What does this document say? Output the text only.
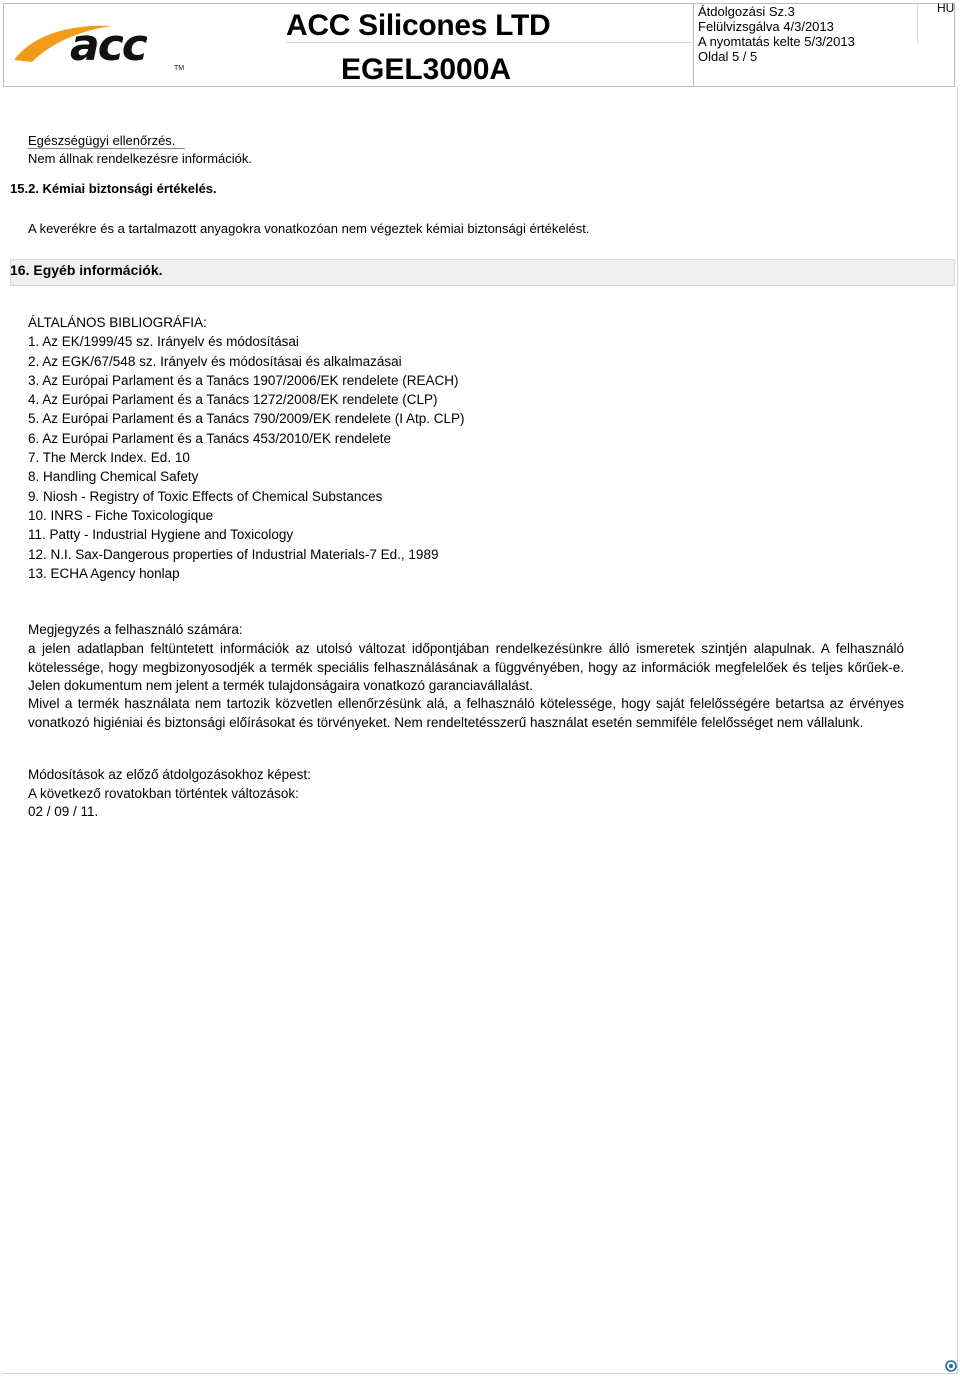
acc	TM
ACC Silicones LTD
EGEL3000A
Átdolgozási Sz.3
Felülvizsgálva 4/3/2013
A nyomtatás kelte 5/3/2013
Oldal 5 / 5
HU
Egészségügyi ellenőrzés.
Nem állnak rendelkezésre információk.
15.2. Kémiai biztonsági értékelés.
A keverékre és a tartalmazott anyagokra vonatkozóan nem végeztek kémiai biztonsági értékelést.
16. Egyéb információk.
ÁLTALÁNOS BIBLIOGRÁFIA:
1. Az EK/1999/45 sz. Irányelv és módosításai
2. Az EGK/67/548 sz. Irányelv és módosításai és alkalmazásai
3. Az Európai Parlament és a Tanács 1907/2006/EK rendelete (REACH)
4. Az Európai Parlament és a Tanács 1272/2008/EK rendelete (CLP)
5. Az Európai Parlament és a Tanács 790/2009/EK rendelete (I Atp. CLP)
6. Az Európai Parlament és a Tanács 453/2010/EK rendelete
7. The Merck Index. Ed. 10
8. Handling Chemical Safety
9. Niosh - Registry of Toxic Effects of Chemical Substances
10. INRS - Fiche Toxicologique
11. Patty - Industrial Hygiene and Toxicology
12. N.I. Sax-Dangerous properties of Industrial Materials-7 Ed., 1989
13. ECHA Agency honlap
Megjegyzés a felhasználó számára:
a jelen adatlapban feltüntetett információk az utolsó változat időpontjában rendelkezésünkre álló ismeretek szintjén alapulnak. A felhasználó kötelessége, hogy megbizonyosodjék a termék speciális felhasználásának a függvényében, hogy az információk megfelelőek és teljes kőrűek-e. Jelen dokumentum nem jelent a termék tulajdonságaira vonatkozó garanciavállalást.
Mivel a termék használata nem tartozik közvetlen ellenőrzésünk alá, a felhasználó kötelessége, hogy saját felelősségére betartsa az érvényes vonatkozó higiéniai és biztonsági előírásokat és törvényeket. Nem rendeltetésszerű használat esetén semmiféle felelősséget nem vállalunk.
Módosítások az előző átdolgozásokhoz képest:
A következő rovatokban történtek változások:
02 / 09 / 11.
